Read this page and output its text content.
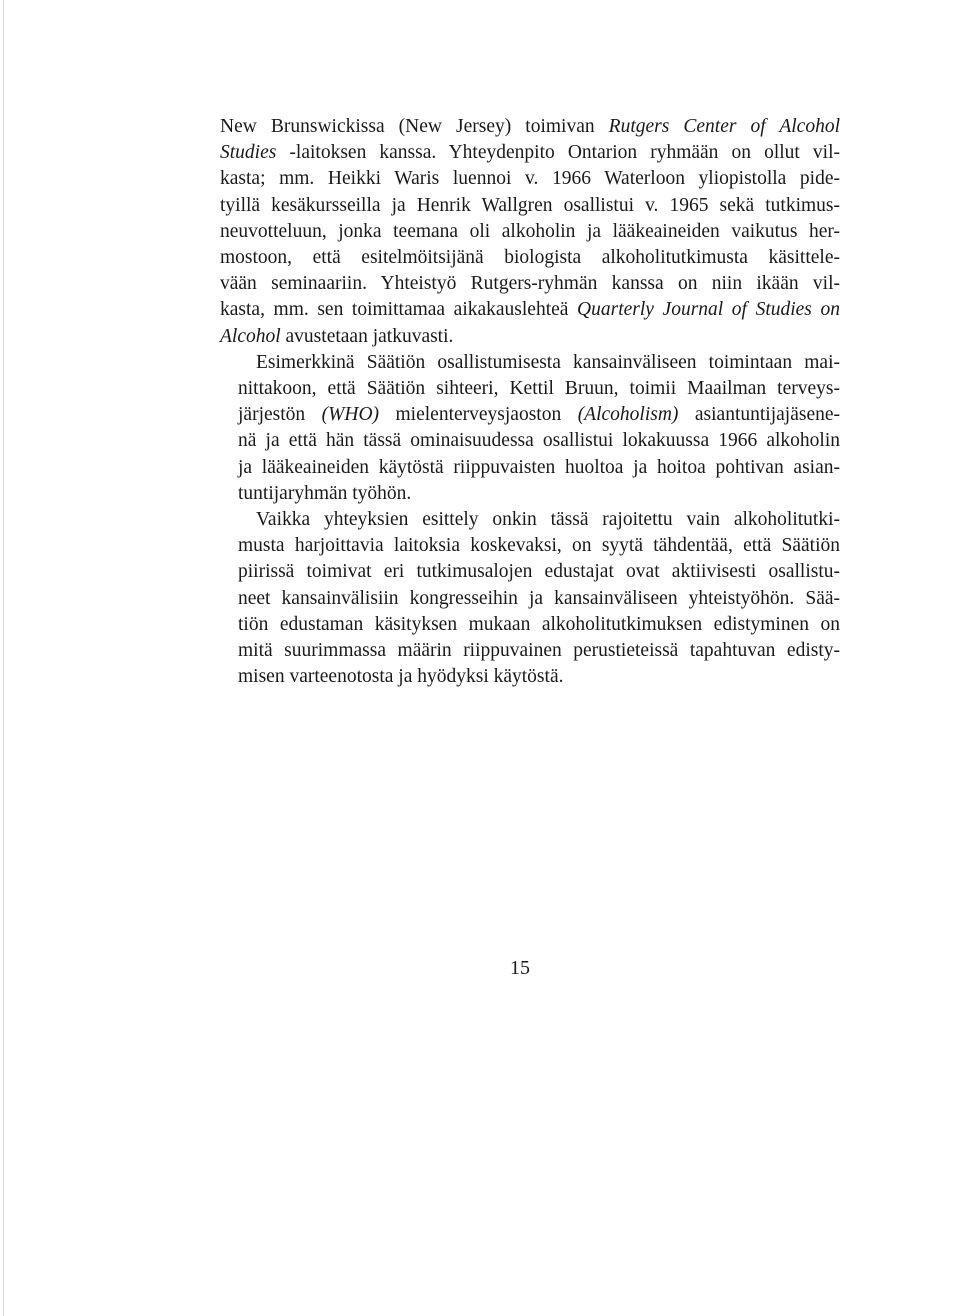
New Brunswickissa (New Jersey) toimivan Rutgers Center of Alcohol
Studies -laitoksen kanssa. Yhteydenpito Ontarion ryhmään on ollut vil-
kasta; mm. Heikki Waris luennoi v. 1966 Waterloon yliopistolla pide-
tyillä kesäkursseilla ja Henrik Wallgren osallistui v. 1965 sekä tutkimus-
neuvotteluun, jonka teemana oli alkoholin ja lääkeaineiden vaikutus her-
mostoon, että esitelmöitsijänä biologista alkoholitutkimusta käsittele-
vään seminaariin. Yhteistyö Rutgers-ryhmän kanssa on niin ikään vil-
kasta, mm. sen toimittamaa aikakauslehteä Quarterly Journal of Studies on
Alcohol avustetaan jatkuvasti.

Esimerkkinä Säätiön osallistumisesta kansainväliseen toimintaan mai-
nittakoon, että Säätiön sihteeri, Kettil Bruun, toimii Maailman terveys-
järjestön (WHO) mielenterveysjaoston (Alcoholism) asiantuntijajäsene-
nä ja että hän tässä ominaisuudessa osallistui lokakuussa 1966 alkoholin
ja lääkeaineiden käytöstä riippuvaisten huoltoa ja hoitoa pohtivan asian-
tuntijaryhmän työhön.

Vaikka yhteyksien esittely onkin tässä rajoitettu vain alkoholitutki-
musta harjoittavia laitoksia koskevaksi, on syytä tähdentää, että Säätiön
piirissä toimivat eri tutkimusalojen edustajat ovat aktiivisesti osallistu-
neet kansainvälisiin kongresseihin ja kansainväliseen yhteistyöhön. Sää-
tiön edustaman käsityksen mukaan alkoholitutkimuksen edistyminen on
mitä suurimmassa määrin riippuvainen perustieteissä tapahtuvan edisty-
misen varteenotosta ja hyödyksi käytöstä.

15
